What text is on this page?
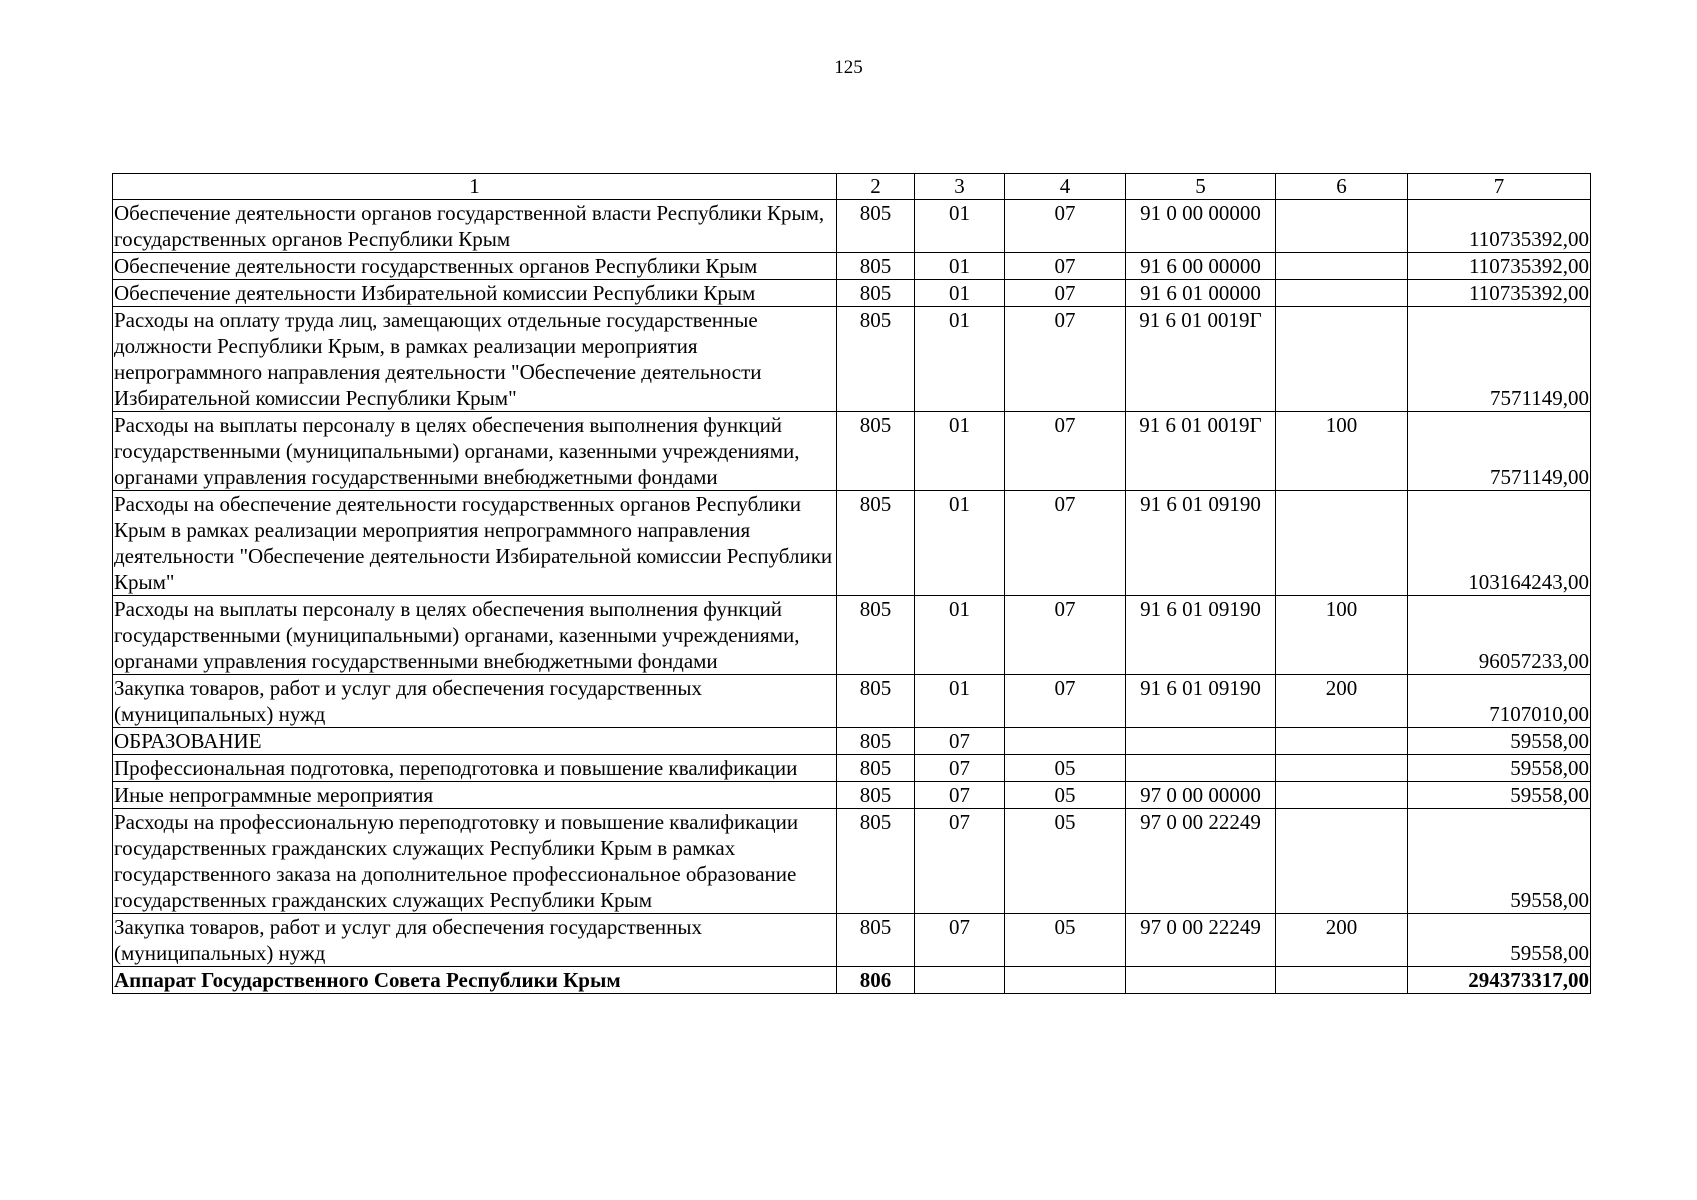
125
1	2	3	4	5	6	7
Обеспечение деятельности органов государственной власти Республики Крым, государственных органов Республики Крым	805	01	07	91 0 00 00000		110735392,00
Обеспечение деятельности государственных органов Республики Крым	805	01	07	91 6 00 00000		110735392,00
Обеспечение деятельности Избирательной комиссии Республики Крым	805	01	07	91 6 01 00000		110735392,00
Расходы на оплату труда лиц, замещающих отдельные государственные должности Республики Крым, в рамках реализации мероприятия непрограммного направления деятельности "Обеспечение деятельности Избирательной комиссии Республики Крым"	805	01	07	91 6 01 0019Г		7571149,00
Расходы на выплаты персоналу в целях обеспечения выполнения функций государственными (муниципальными) органами, казенными учреждениями, органами управления государственными внебюджетными фондами	805	01	07	91 6 01 0019Г	100	7571149,00
Расходы на обеспечение деятельности государственных органов Республики Крым в рамках реализации мероприятия непрограммного направления деятельности "Обеспечение деятельности Избирательной комиссии Республики Крым"	805	01	07	91 6 01 09190		103164243,00
Расходы на выплаты персоналу в целях обеспечения выполнения функций государственными (муниципальными) органами, казенными учреждениями, органами управления государственными внебюджетными фондами	805	01	07	91 6 01 09190	100	96057233,00
Закупка товаров, работ и услуг для обеспечения государственных (муниципальных) нужд	805	01	07	91 6 01 09190	200	7107010,00
ОБРАЗОВАНИЕ	805	07				59558,00
Профессиональная подготовка, переподготовка и повышение квалификации	805	07	05			59558,00
Иные непрограммные мероприятия	805	07	05	97 0 00 00000		59558,00
Расходы на профессиональную переподготовку и повышение квалификации государственных гражданских служащих Республики Крым в рамках государственного заказа на дополнительное профессиональное образование государственных гражданских служащих Республики Крым	805	07	05	97 0 00 22249		59558,00
Закупка товаров, работ и услуг для обеспечения государственных (муниципальных) нужд	805	07	05	97 0 00 22249	200	59558,00
Аппарат Государственного Совета Республики Крым	806					294373317,00
